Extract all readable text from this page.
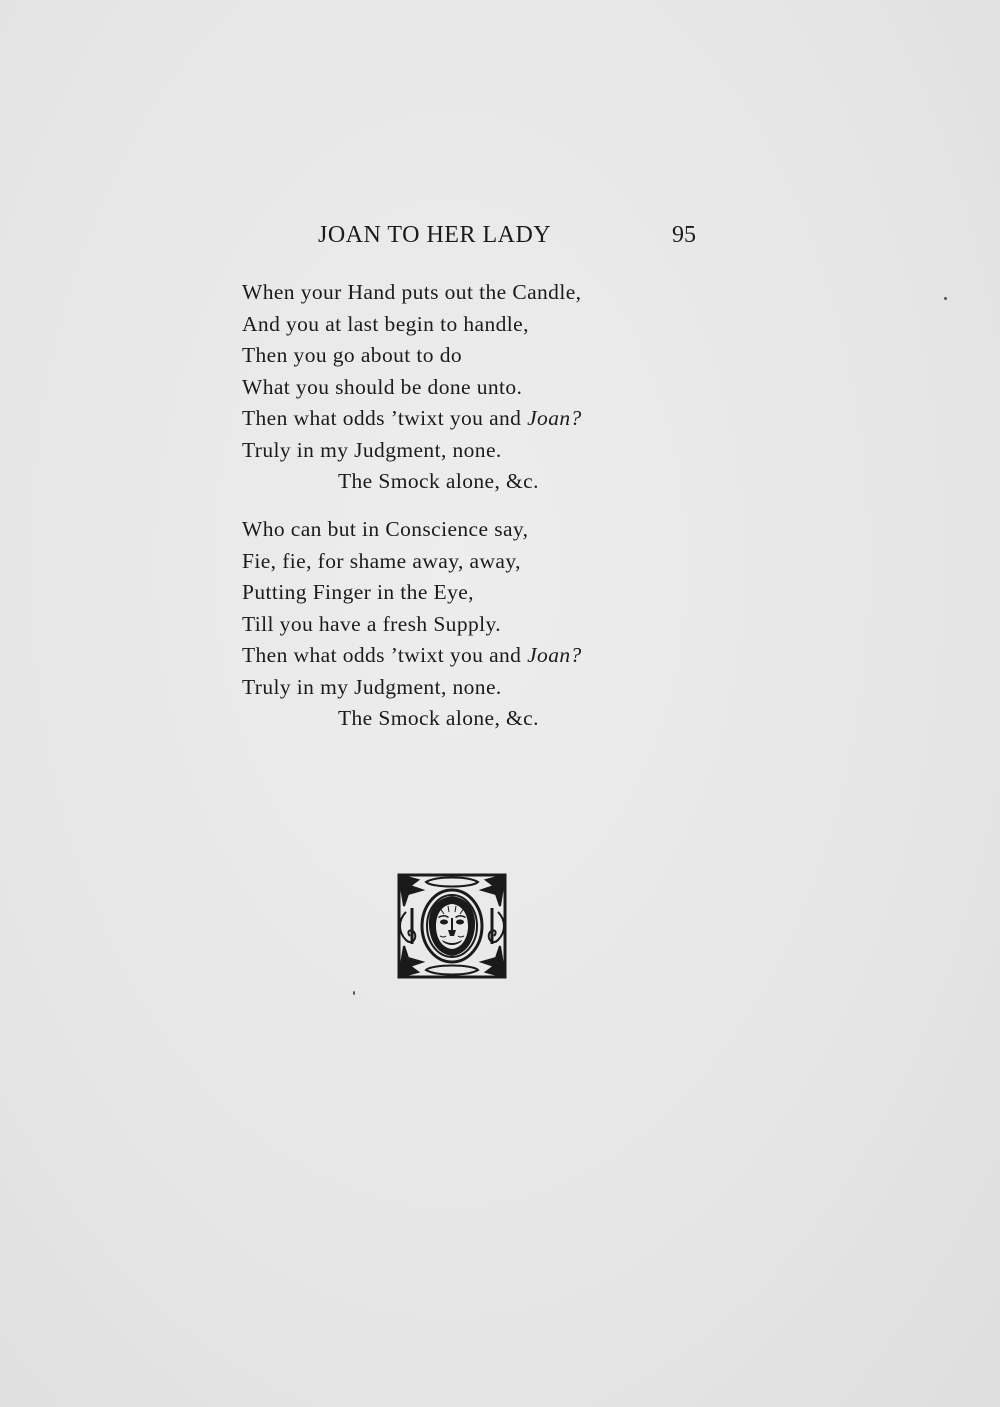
JOAN TO HER LADY	95
When your Hand puts out the Candle,
And you at last begin to handle,
Then you go about to do
What you should be done unto.
Then what odds ’twixt you and Joan?
Truly in my Judgment, none.
The Smock alone, &c.
Who can but in Conscience say,
Fie, fie, for shame away, away,
Putting Finger in the Eye,
Till you have a fresh Supply.
Then what odds ’twixt you and Joan?
Truly in my Judgment, none.
The Smock alone, &c.
